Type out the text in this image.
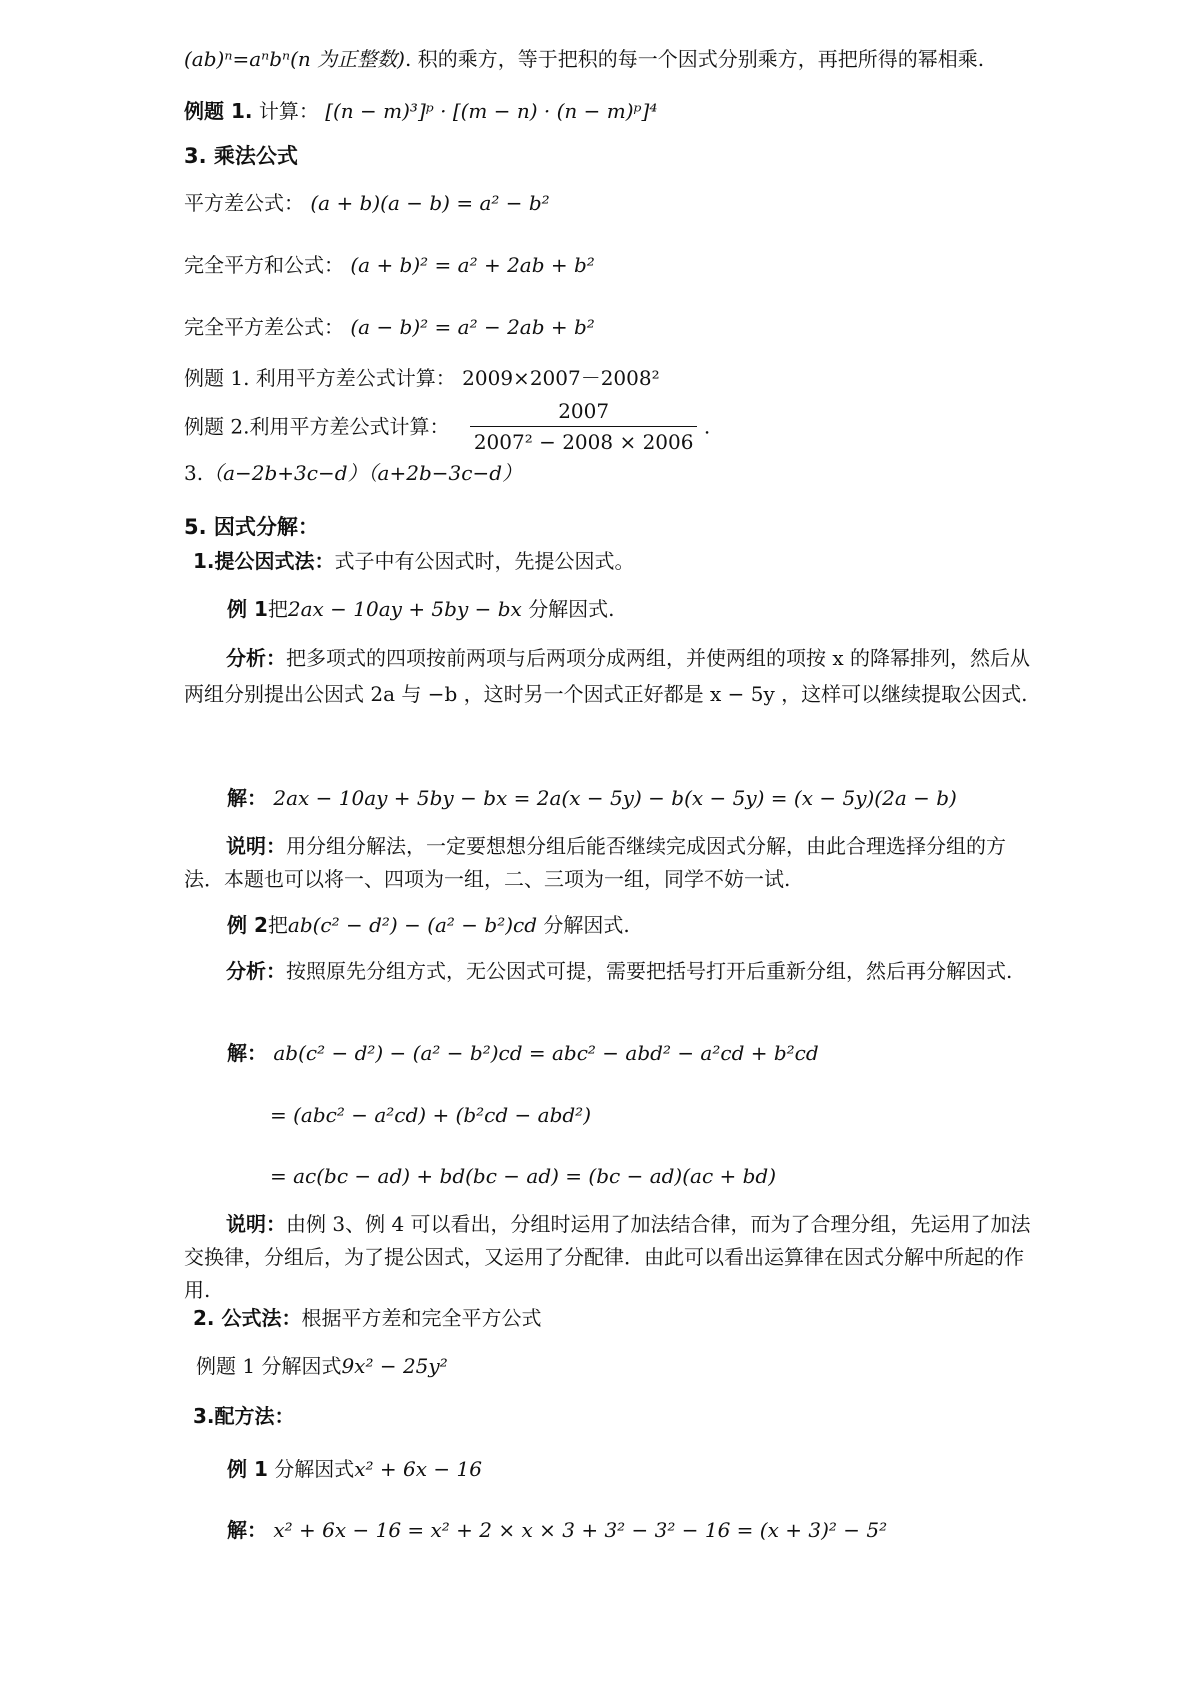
(ab)ⁿ=aⁿbⁿ(n 为正整数). 积的乘方，等于把积的每一个因式分别乘方，再把所得的幂相乘.
例题 1. 计算： [(n − m)³]ᵖ · [(m − n) · (n − m)ᵖ]⁴
3. 乘法公式
平方差公式： (a + b)(a − b) = a² − b²
完全平方和公式： (a + b)² = a² + 2ab + b²
完全平方差公式： (a − b)² = a² − 2ab + b²
例题 1. 利用平方差公式计算： 2009×2007－2008²
例题 2.利用平方差公式计算： $\frac{2007}{\text{2007² − 2008 × 2006}}$ .
3.（a−2b+3c−d）（a+2b−3c−d）
5. 因式分解：
1.提公因式法：式子中有公因式时，先提公因式。
例 1把2ax − 10ay + 5by − bx 分解因式.
分析：把多项式的四项按前两项与后两项分成两组，并使两组的项按 x 的降幂排列，然后从两组分别提出公因式 2a 与 −b ，这时另一个因式正好都是 x − 5y ，这样可以继续提取公因式.
解： 2ax − 10ay + 5by − bx = 2a(x − 5y) − b(x − 5y) = (x − 5y)(2a − b)
说明：用分组分解法，一定要想想分组后能否继续完成因式分解，由此合理选择分组的方法．本题也可以将一、四项为一组，二、三项为一组，同学不妨一试.
例 2把ab(c² − d²) − (a² − b²)cd 分解因式.
分析：按照原先分组方式，无公因式可提，需要把括号打开后重新分组，然后再分解因式.
解： ab(c² − d²) − (a² − b²)cd = abc² − abd² − a²cd + b²cd
= (abc² − a²cd) + (b²cd − abd²)
= ac(bc − ad) + bd(bc − ad) = (bc − ad)(ac + bd)
说明：由例 3、例 4 可以看出，分组时运用了加法结合律，而为了合理分组，先运用了加法交换律，分组后，为了提公因式，又运用了分配律．由此可以看出运算律在因式分解中所起的作用.
2. 公式法：根据平方差和完全平方公式
例题 1 分解因式9x² − 25y²
3.配方法：
例 1 分解因式x² + 6x − 16
解： x² + 6x − 16 = x² + 2 × x × 3 + 3² − 3² − 16 = (x + 3)² − 5²
